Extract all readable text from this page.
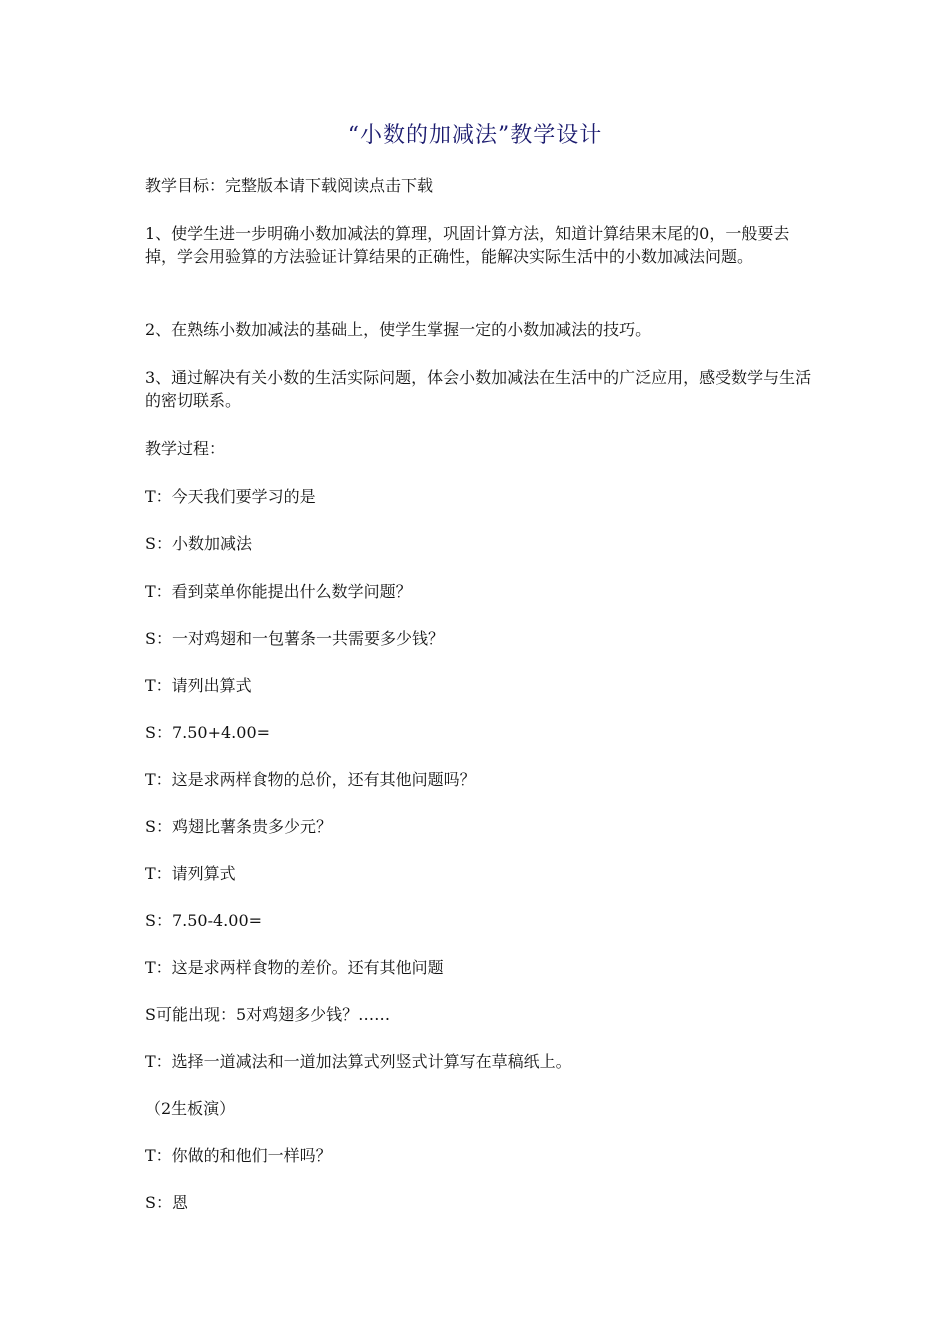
“小数的加减法”教学设计

教学目标：完整版本请下载阅读点击下载

1、使学生进一步明确小数加减法的算理，巩固计算方法，知道计算结果末尾的0，一般要去掉，学会用验算的方法验证计算结果的正确性，能解决实际生活中的小数加减法问题。

2、在熟练小数加减法的基础上，使学生掌握一定的小数加减法的技巧。

3、通过解决有关小数的生活实际问题，体会小数加减法在生活中的广泛应用，感受数学与生活的密切联系。

教学过程：

T：今天我们要学习的是

S：小数加减法

T：看到菜单你能提出什么数学问题？

S：一对鸡翅和一包薯条一共需要多少钱？

T：请列出算式

S：7.50+4.00=

T：这是求两样食物的总价，还有其他问题吗？

S：鸡翅比薯条贵多少元？

T：请列算式

S：7.50-4.00=

T：这是求两样食物的差价。还有其他问题

S可能出现：5对鸡翅多少钱？……

T：选择一道减法和一道加法算式列竖式计算写在草稿纸上。

（2生板演）

T：你做的和他们一样吗？

S：恩
